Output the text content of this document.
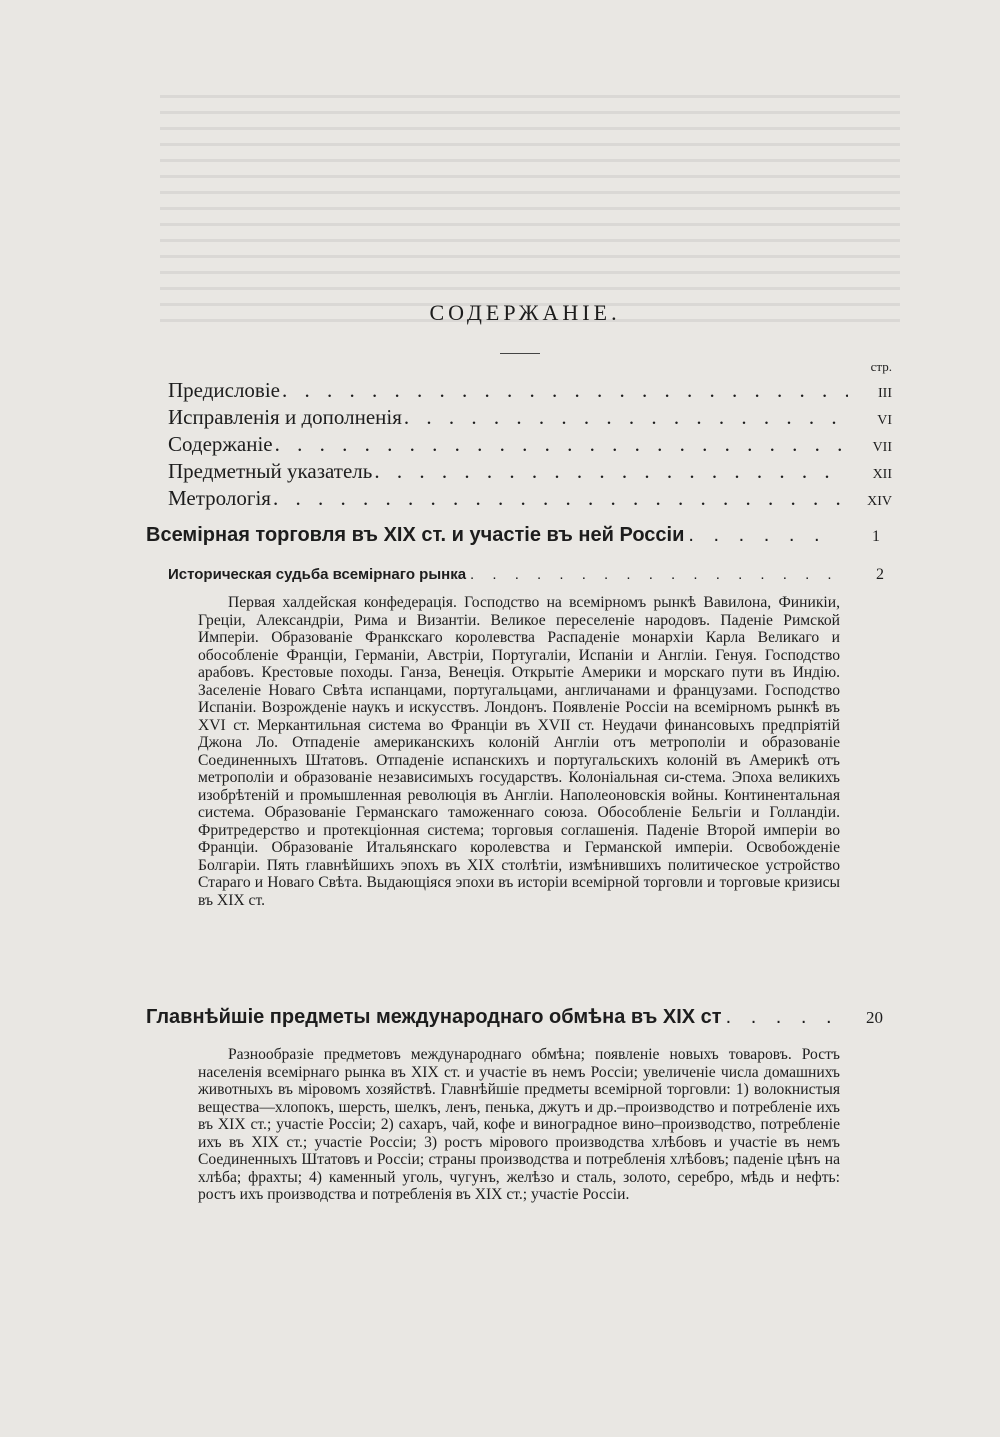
СОДЕРЖАНІЕ.
стр.
Предисловіе . . .	III
Исправленія и дополненія . . .	VI
Содержаніе . . .	VII
Предметный указатель . . .	XII
Метрологія . . .	XIV
Всемірная торговля въ XIX ст. и участіе въ ней Россіи . . .	1
Историческая судьба всемірнаго рынка . . .	2
Первая халдейская конфедерація. Господство на всемірномъ рынкѣ Вавилона, Финикіи, Греціи, Александріи, Рима и Византіи. Великое переселеніе народовъ. Паденіе Римской Имперіи. Образованіе Франкскаго королевства Распаденіе монархіи Карла Великаго и обособленіе Франціи, Германіи, Австріи, Португаліи, Испаніи и Англіи. Генуя. Господство арабовъ. Крестовые походы. Ганза, Венеція. Открытіе Америки и морскаго пути въ Индію. Заселеніе Новаго Свѣта испанцами, португальцами, англичанами и французами. Господство Испаніи. Возрожденіе наукъ и искусствъ. Лондонъ. Появленіе Россіи на всемірномъ рынкѣ въ XVI ст. Меркантильная система во Франціи въ XVII ст. Неудачи финансовыхъ предпріятій Джона Ло. Отпаденіе американскихъ колоній Англіи отъ метрополіи и образованіе Соединенныхъ Штатовъ. Отпаденіе испанскихъ и португальскихъ колоній въ Америкѣ отъ метрополіи и образованіе независимыхъ государствъ. Колоніальная си-стема. Эпоха великихъ изобрѣтеній и промышленная революція въ Англіи. Наполеоновскія войны. Континентальная система. Образованіе Германскаго таможеннаго союза. Обособленіе Бельгіи и Голландіи. Фритредерство и протекціонная система; торговыя соглашенія. Паденіе Второй имперіи во Франціи. Образованіе Итальянскаго королевства и Германской имперіи. Освобожденіе Болгаріи. Пять главнѣйшихъ эпохъ въ XIX столѣтіи, измѣнившихъ политическое устройство Стараго и Новаго Свѣта. Выдающіяся эпохи въ исторіи всемірной торговли и торговые кризисы въ XIX ст.
Главнѣйшіе предметы международнаго обмѣна въ XIX ст . . .	20
Разнообразіе предметовъ международнаго обмѣна; появленіе новыхъ товаровъ. Ростъ населенія всемірнаго рынка въ XIX ст. и участіе въ немъ Россіи; увеличеніе числа домашнихъ животныхъ въ міровомъ хозяйствѣ. Главнѣйшіе предметы всемірной торговли: 1) волокнистыя вещества—хлопокъ, шерсть, шелкъ, ленъ, пенька, джутъ и др.–производство и потребленіе ихъ въ XIX ст.; участіе Россіи; 2) сахаръ, чай, кофе и виноградное вино–производство, потребленіе ихъ въ XIX ст.; участіе Россіи; 3) ростъ мірового производства хлѣбовъ и участіе въ немъ Соединенныхъ Штатовъ и Россіи; страны производства и потребленія хлѣбовъ; паденіе цѣнъ на хлѣба; фрахты; 4) каменный уголь, чугунъ, желѣзо и сталь, золото, серебро, мѣдь и нефть: ростъ ихъ производства и потребленія въ XIX ст.; участіе Россіи.
